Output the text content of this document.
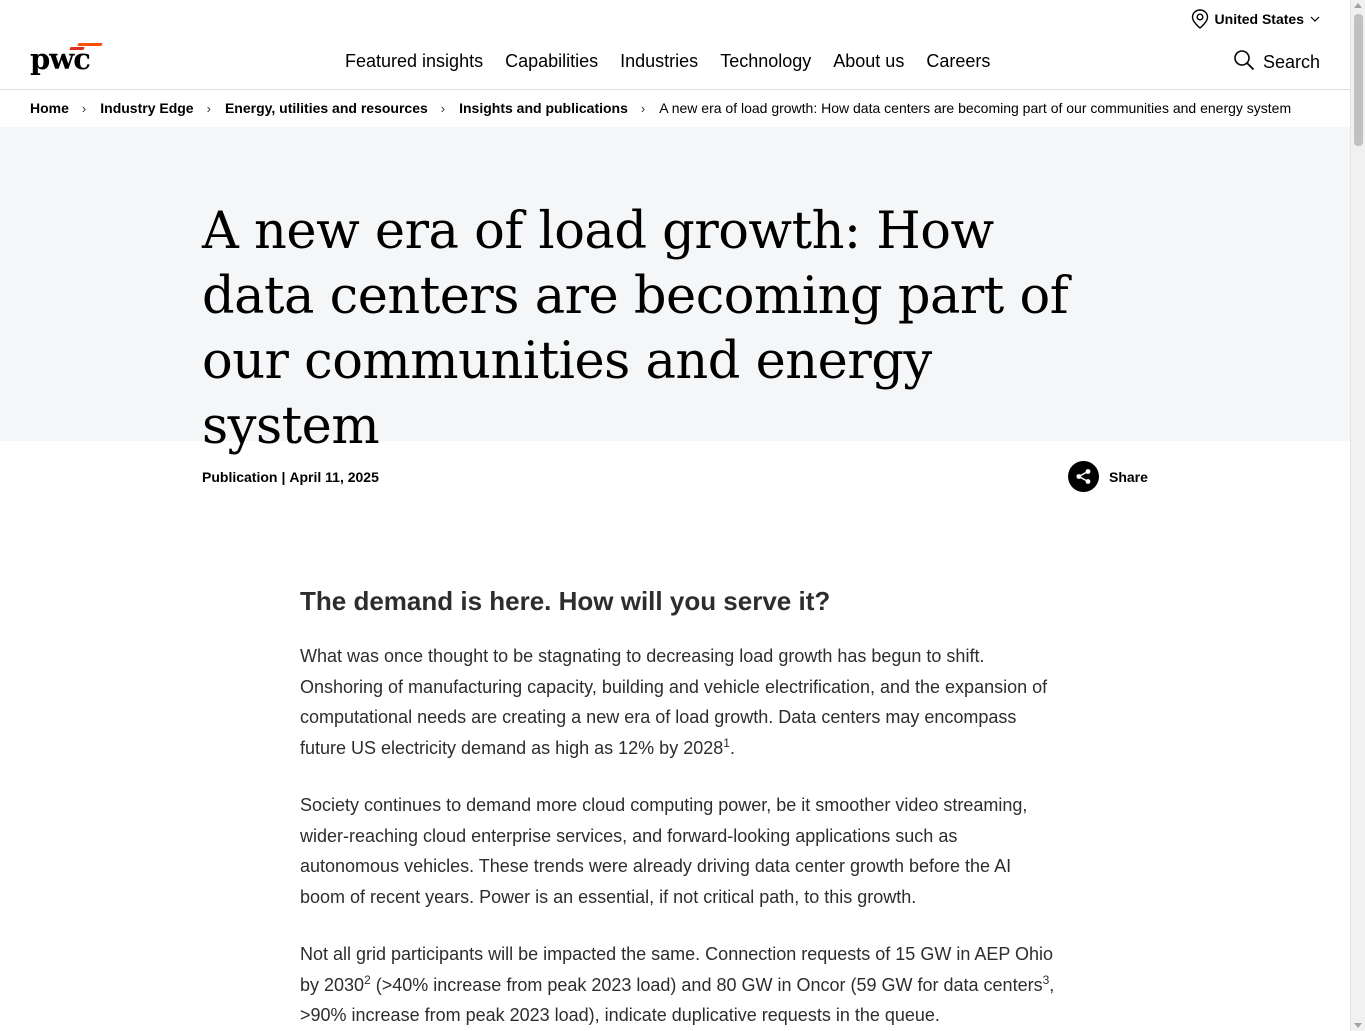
United States
pwc	Featured insights Capabilities Industries Technology About us Careers	Search
Home › Industry Edge › Energy, utilities and resources › Insights and publications › A new era of load growth: How data centers are becoming part of our communities and energy system
A new era of load growth: How data centers are becoming part of our communities and energy system
Publication | April 11, 2025	Share
The demand is here. How will you serve it?

What was once thought to be stagnating to decreasing load growth has begun to shift. Onshoring of manufacturing capacity, building and vehicle electrification, and the expansion of computational needs are creating a new era of load growth. Data centers may encompass future US electricity demand as high as 12% by 2028$^1$.

Society continues to demand more cloud computing power, be it smoother video streaming, wider-reaching cloud enterprise services, and forward-looking applications such as autonomous vehicles. These trends were already driving data center growth before the AI boom of recent years. Power is an essential, if not critical path, to this growth.

Not all grid participants will be impacted the same. Connection requests of 15 GW in AEP Ohio by 2030$^2$ (>40% increase from peak 2023 load) and 80 GW in Oncor (59 GW for data centers$^3$, >90% increase from peak 2023 load), indicate duplicative requests in the queue.
